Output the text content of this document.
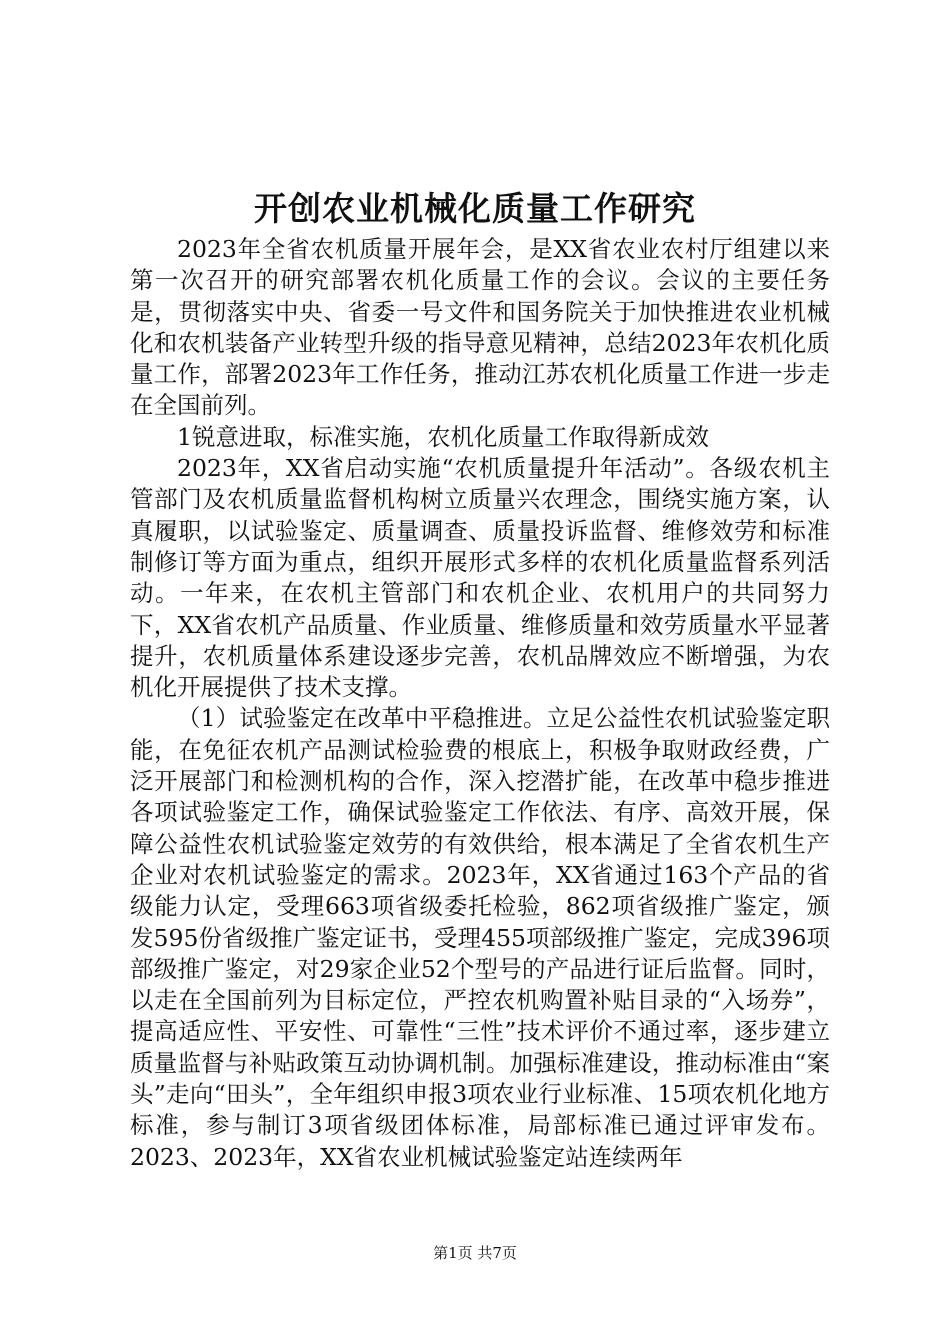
开创农业机械化质量工作研究

2023年全省农机质量开展年会，是XX省农业农村厅组建以来第一次召开的研究部署农机化质量工作的会议。会议的主要任务是，贯彻落实中央、省委一号文件和国务院关于加快推进农业机械化和农机装备产业转型升级的指导意见精神，总结2023年农机化质量工作，部署2023年工作任务，推动江苏农机化质量工作进一步走在全国前列。

1锐意进取，标准实施，农机化质量工作取得新成效

2023年，XX省启动实施“农机质量提升年活动”。各级农机主管部门及农机质量监督机构树立质量兴农理念，围绕实施方案，认真履职，以试验鉴定、质量调查、质量投诉监督、维修效劳和标准制修订等方面为重点，组织开展形式多样的农机化质量监督系列活动。一年来，在农机主管部门和农机企业、农机用户的共同努力下，XX省农机产品质量、作业质量、维修质量和效劳质量水平显著提升，农机质量体系建设逐步完善，农机品牌效应不断增强，为农机化开展提供了技术支撑。

（1）试验鉴定在改革中平稳推进。立足公益性农机试验鉴定职能，在免征农机产品测试检验费的根底上，积极争取财政经费，广泛开展部门和检测机构的合作，深入挖潜扩能，在改革中稳步推进各项试验鉴定工作，确保试验鉴定工作依法、有序、高效开展，保障公益性农机试验鉴定效劳的有效供给，根本满足了全省农机生产企业对农机试验鉴定的需求。2023年，XX省通过163个产品的省级能力认定，受理663项省级委托检验，862项省级推广鉴定，颁发595份省级推广鉴定证书，受理455项部级推广鉴定，完成396项部级推广鉴定，对29家企业52个型号的产品进行证后监督。同时，以走在全国前列为目标定位，严控农机购置补贴目录的“入场券”，提高适应性、平安性、可靠性“三性”技术评价不通过率，逐步建立质量监督与补贴政策互动协调机制。加强标准建设，推动标准由“案头”走向“田头”，全年组织申报3项农业行业标准、15项农机化地方标准，参与制订3项省级团体标准，局部标准已通过评审发布。2023、2023年，XX省农业机械试验鉴定站连续两年

第1页 共7页
